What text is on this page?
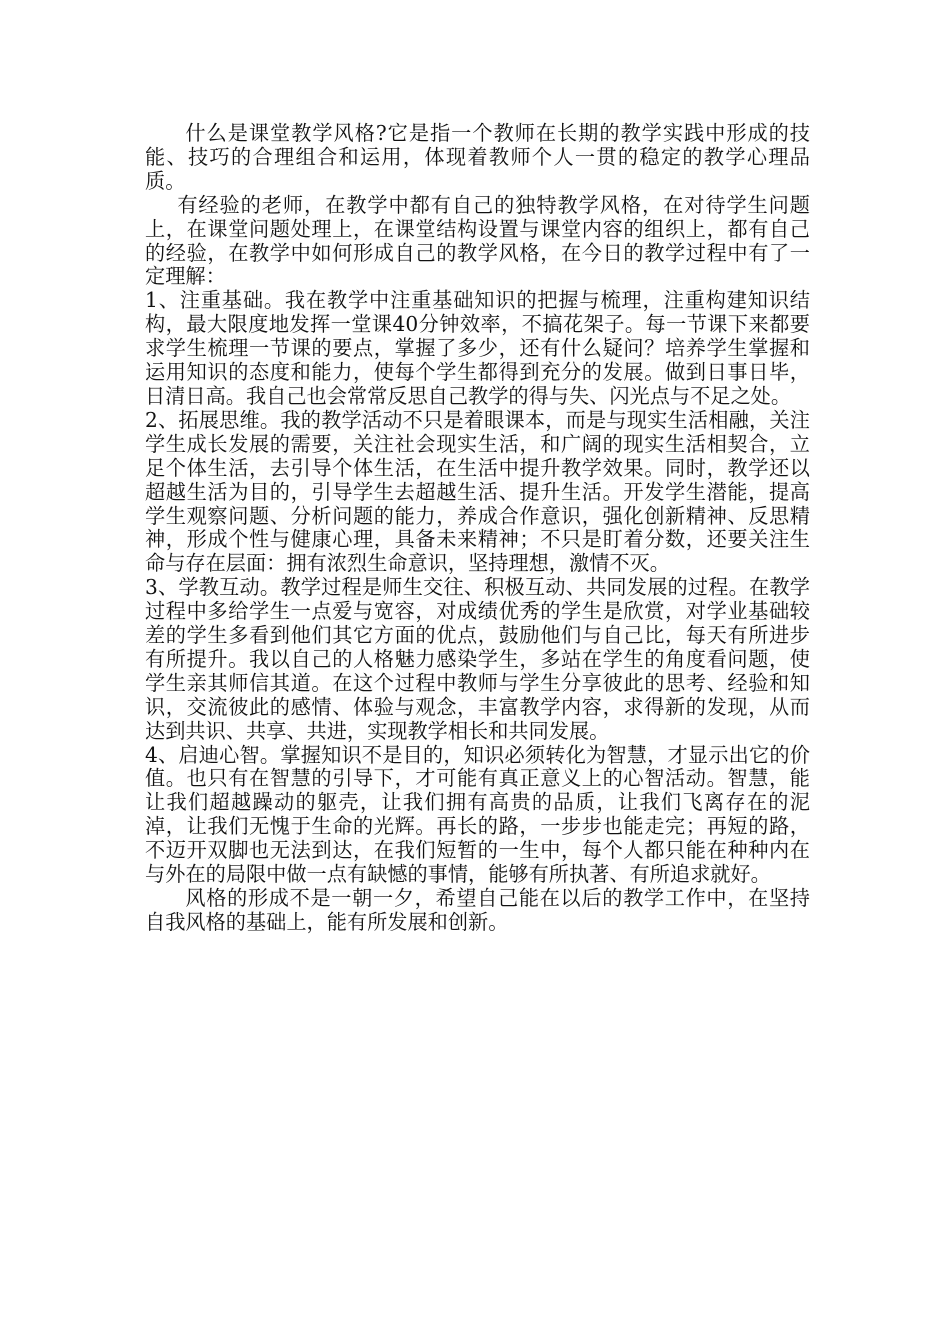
什么是课堂教学风格?它是指一个教师在长期的教学实践中形成的技能、技巧的合理组合和运用，体现着教师个人一贯的稳定的教学心理品质。

有经验的老师，在教学中都有自己的独特教学风格，在对待学生问题上，在课堂问题处理上，在课堂结构设置与课堂内容的组织上，都有自己的经验，在教学中如何形成自己的教学风格，在今日的教学过程中有了一定理解：

1、注重基础。我在教学中注重基础知识的把握与梳理，注重构建知识结构，最大限度地发挥一堂课40分钟效率，不搞花架子。每一节课下来都要求学生梳理一节课的要点，掌握了多少，还有什么疑问？培养学生掌握和运用知识的态度和能力，使每个学生都得到充分的发展。做到日事日毕，日清日高。我自己也会常常反思自己教学的得与失、闪光点与不足之处。

2、拓展思维。我的教学活动不只是着眼课本，而是与现实生活相融，关注学生成长发展的需要，关注社会现实生活，和广阔的现实生活相契合，立足个体生活，去引导个体生活，在生活中提升教学效果。同时，教学还以超越生活为目的，引导学生去超越生活、提升生活。开发学生潜能，提高学生观察问题、分析问题的能力，养成合作意识，强化创新精神、反思精神，形成个性与健康心理，具备未来精神；不只是盯着分数，还要关注生命与存在层面：拥有浓烈生命意识，坚持理想，激情不灭。

3、学教互动。教学过程是师生交往、积极互动、共同发展的过程。在教学过程中多给学生一点爱与宽容，对成绩优秀的学生是欣赏，对学业基础较差的学生多看到他们其它方面的优点，鼓励他们与自己比，每天有所进步有所提升。我以自己的人格魅力感染学生，多站在学生的角度看问题，使学生亲其师信其道。在这个过程中教师与学生分享彼此的思考、经验和知识，交流彼此的感情、体验与观念，丰富教学内容，求得新的发现，从而达到共识、共享、共进，实现教学相长和共同发展。

4、启迪心智。掌握知识不是目的，知识必须转化为智慧，才显示出它的价值。也只有在智慧的引导下，才可能有真正意义上的心智活动。智慧，能让我们超越躁动的躯壳，让我们拥有高贵的品质，让我们飞离存在的泥淖，让我们无愧于生命的光辉。再长的路，一步步也能走完；再短的路，不迈开双脚也无法到达，在我们短暂的一生中，每个人都只能在种种内在与外在的局限中做一点有缺憾的事情，能够有所执著、有所追求就好。

风格的形成不是一朝一夕，希望自己能在以后的教学工作中，在坚持自我风格的基础上，能有所发展和创新。
